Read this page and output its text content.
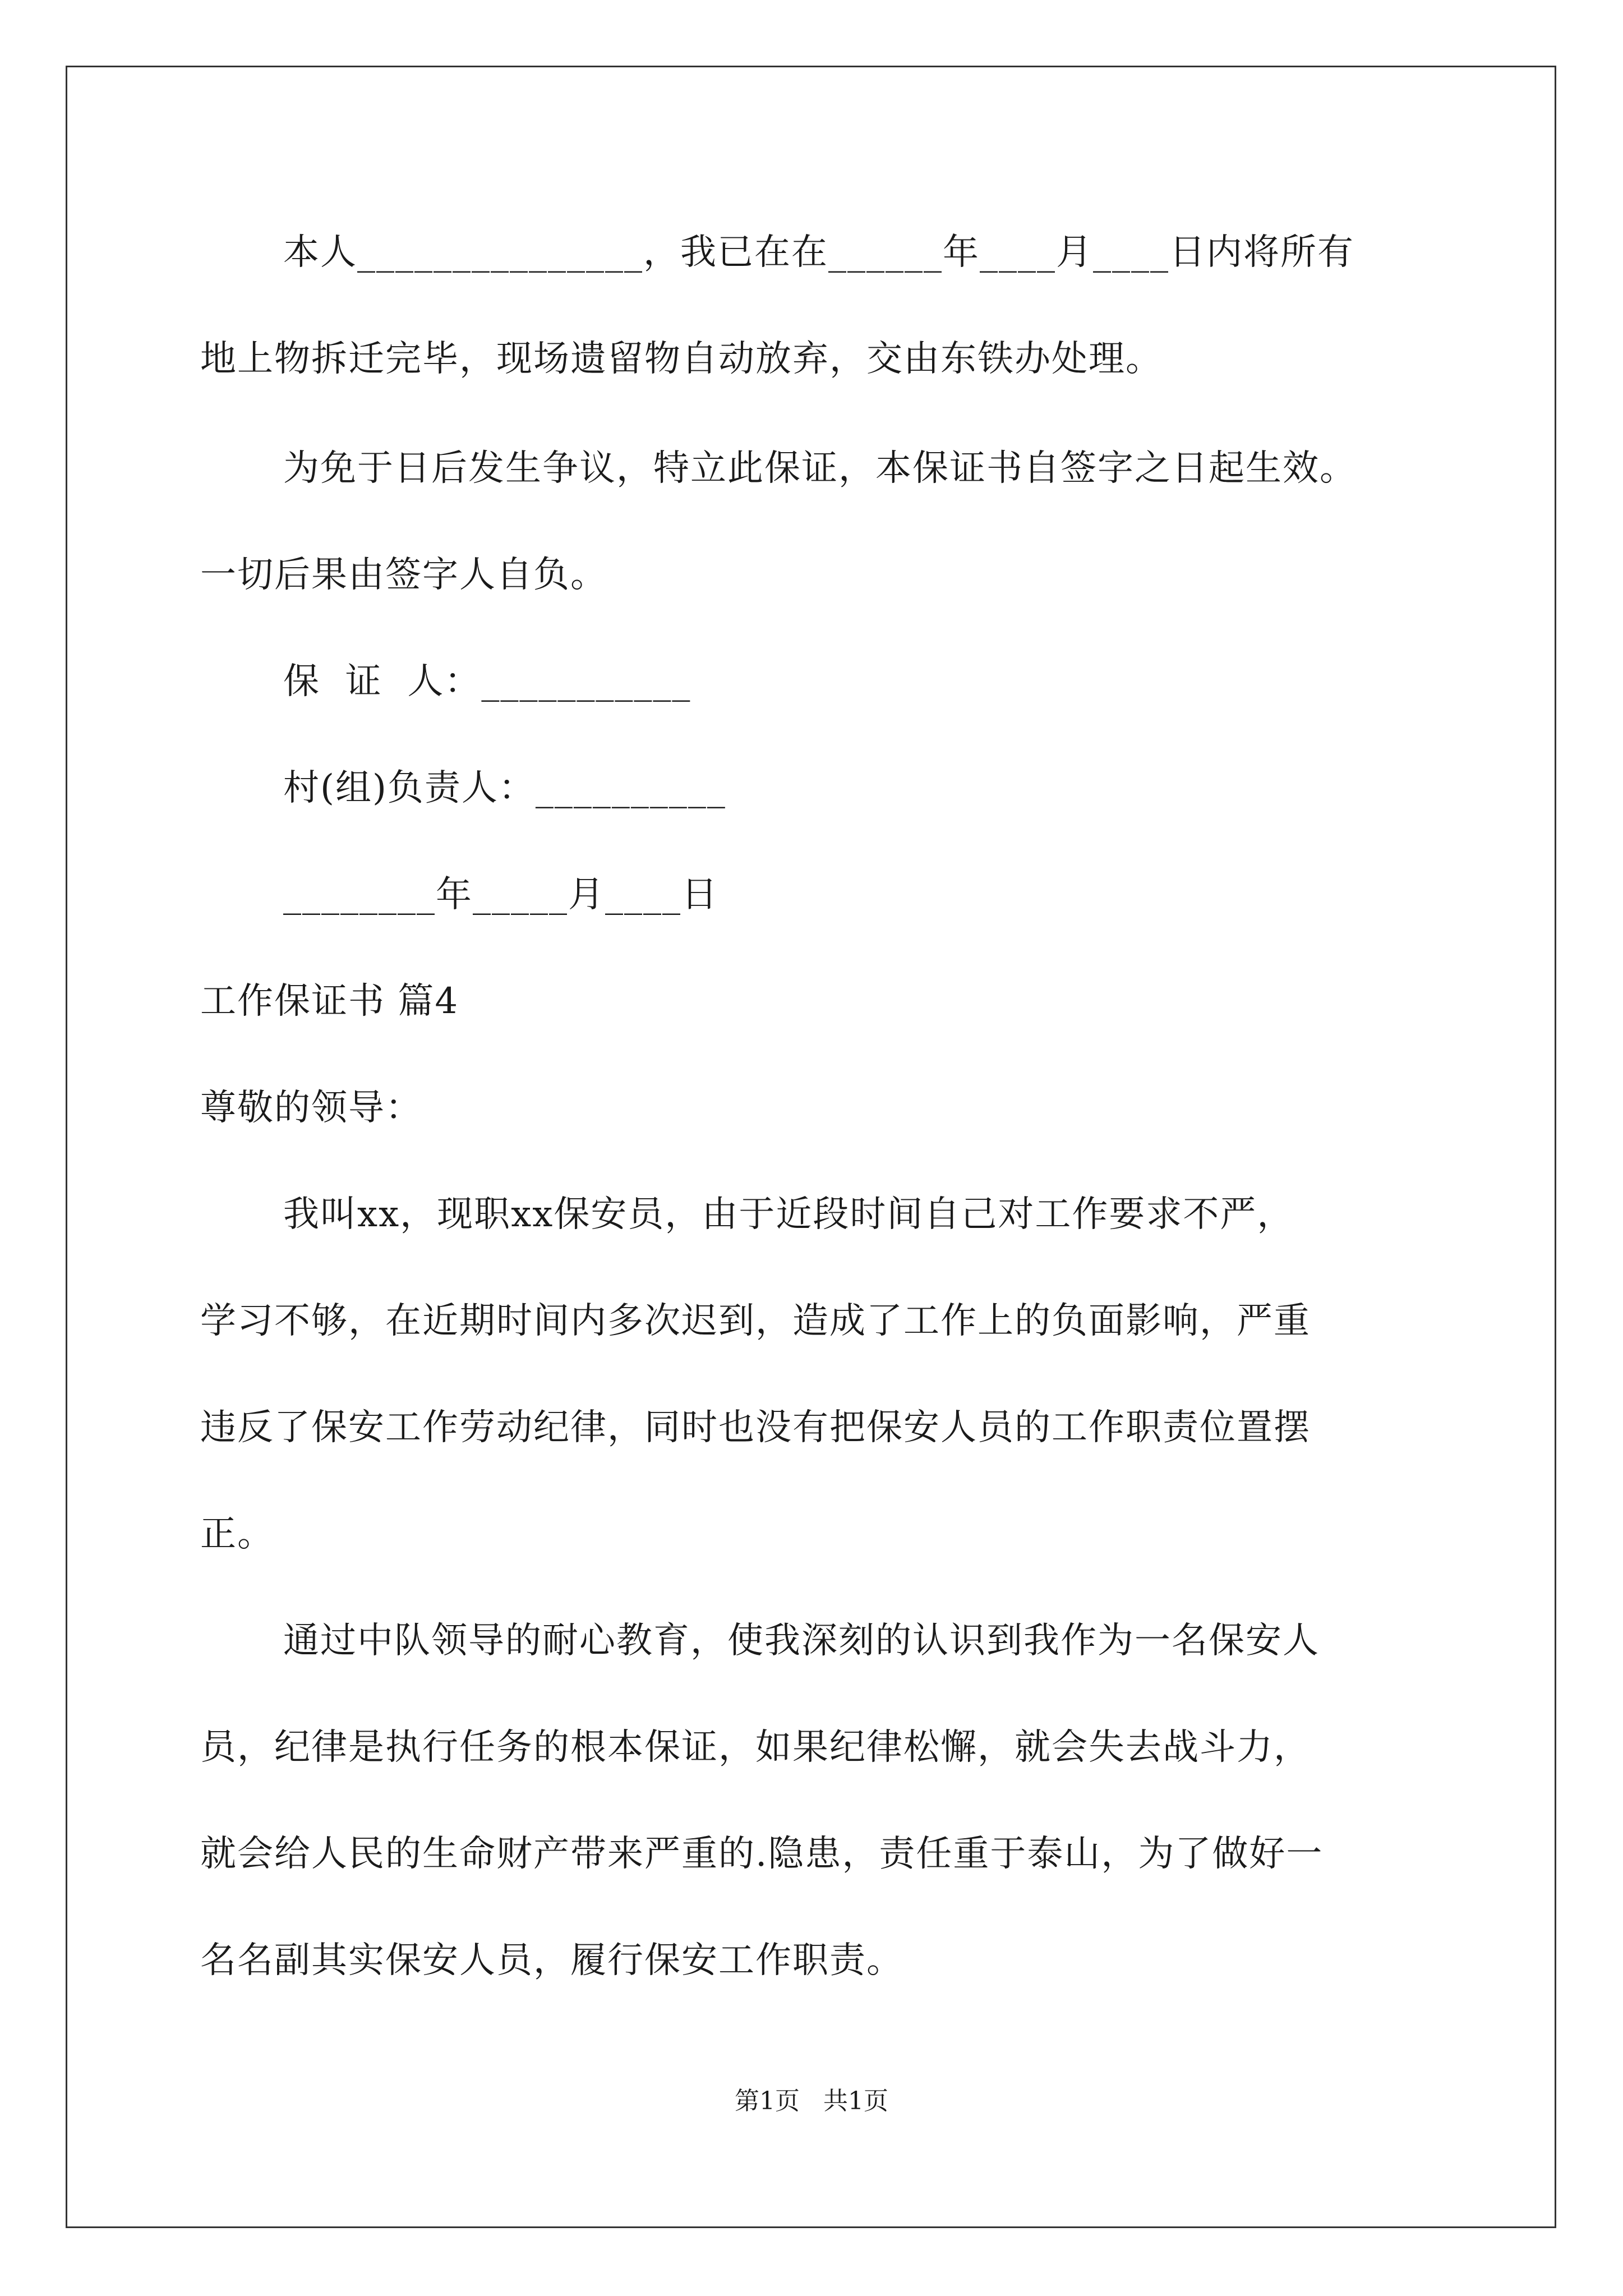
本人_______________，我已在在______年____月____日内将所有
地上物拆迁完毕，现场遗留物自动放弃，交由东铁办处理。
为免于日后发生争议，特立此保证，本保证书自签字之日起生效。
一切后果由签字人自负。
保  证  人：___________
村(组)负责人：__________
________年_____月____日
工作保证书 篇4
尊敬的领导：
我叫xx，现职xx保安员，由于近段时间自己对工作要求不严，
学习不够，在近期时间内多次迟到，造成了工作上的负面影响，严重
违反了保安工作劳动纪律，同时也没有把保安人员的工作职责位置摆
正。
通过中队领导的耐心教育，使我深刻的认识到我作为一名保安人
员，纪律是执行任务的根本保证，如果纪律松懈，就会失去战斗力，
就会给人民的生命财产带来严重的.隐患，责任重于泰山，为了做好一
名名副其实保安人员，履行保安工作职责。
第1页   共1页
